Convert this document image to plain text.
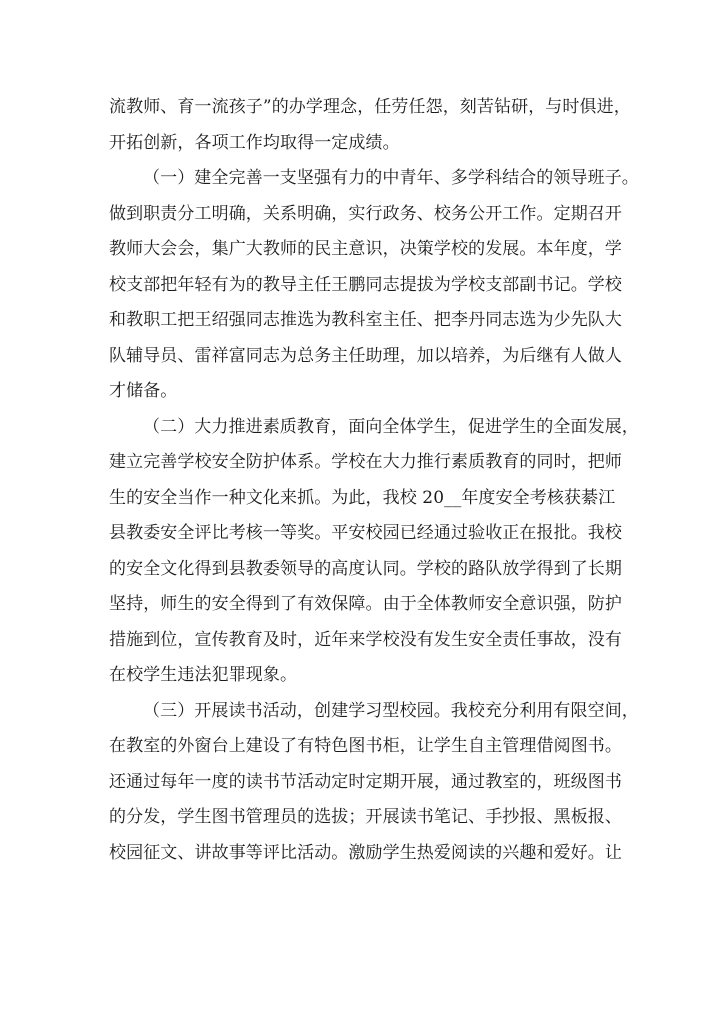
流教师、育一流孩子”的办学理念，任劳任怨，刻苦钻研，与时俱进，
开拓创新，各项工作均取得一定成绩。
（一）建全完善一支坚强有力的中青年、多学科结合的领导班子。
做到职责分工明确，关系明确，实行政务、校务公开工作。定期召开
教师大会会，集广大教师的民主意识，决策学校的发展。本年度，学
校支部把年轻有为的教导主任王鹏同志提拔为学校支部副书记。学校
和教职工把王绍强同志推选为教科室主任、把李丹同志选为少先队大
队辅导员、雷祥富同志为总务主任助理，加以培养，为后继有人做人
才储备。
（二）大力推进素质教育，面向全体学生，促进学生的全面发展，
建立完善学校安全防护体系。学校在大力推行素质教育的同时，把师
生的安全当作一种文化来抓。为此，我校 20__年度安全考核获綦江
县教委安全评比考核一等奖。平安校园已经通过验收正在报批。我校
的安全文化得到县教委领导的高度认同。学校的路队放学得到了长期
坚持，师生的安全得到了有效保障。由于全体教师安全意识强，防护
措施到位，宣传教育及时，近年来学校没有发生安全责任事故，没有
在校学生违法犯罪现象。
（三）开展读书活动，创建学习型校园。我校充分利用有限空间，
在教室的外窗台上建设了有特色图书柜，让学生自主管理借阅图书。
还通过每年一度的读书节活动定时定期开展，通过教室的，班级图书
的分发，学生图书管理员的选拔；开展读书笔记、手抄报、黑板报、
校园征文、讲故事等评比活动。激励学生热爱阅读的兴趣和爱好。让
